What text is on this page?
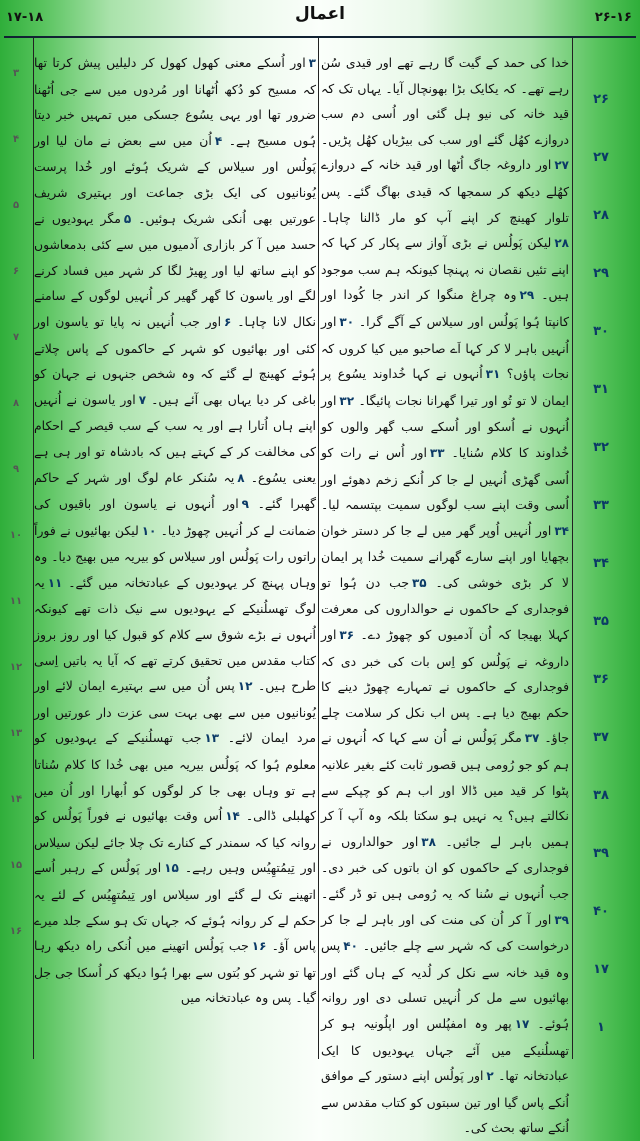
۱۷-۱۸	اعمال	۲۶-۱۶
۲۶
۲۷
۲۸
۲۹
۳۰
۳۱
۳۲
۳۳
۳۴
۳۵
۳۶
۳۷
۳۸
۳۹
۴۰
۱۷
۱
۳
۴
۵
۶
۷
۸
۹
۱۰
۱۱
۱۲
۱۳
۱۴
۱۵
۱۶

خدا کی حمد کے گیت گا رہے تھے اور قیدی سُن رہے تھے۔ کہ یکایک بڑا بھونچال آیا۔ یہاں تک کہ قید خانہ کی نیو ہل گئی اور اُسی دم سب دروازے کھُل گئے اور سب کی بیڑیاں کھُل پڑیں۔ ۲۷اور داروغہ جاگ اُٹھا اور قید خانہ کے دروازے کھُلے دیکھ کر سمجھا کہ قیدی بھاگ گئے۔ پس تلوار کھینچ کر اپنے آپ کو مار ڈالنا چاہا۔ ۲۸لیکن پَولُس نے بڑی آواز سے پکار کر کہا کہ اپنے تئیں نقصان نہ پہنچا کیونکہ ہم سب موجود ہیں۔ ۲۹وہ چراغ منگوا کر اندر جا کُودا اور کانپتا ہُوا پَولُس اور سیلاس کے آگے گرا۔ ۳۰اور اُنہیں باہر لا کر کہا اَے صاحبو میں کیا کروں کہ نجات پاؤں؟ ۳۱اُنہوں نے کہا خُداوند یسُوع پر ایمان لا تو تُو اور تیرا گھرانا نجات پائیگا۔ ۳۲اور اُنہوں نے اُسکو اور اُسکے سب گھر والوں کو خُداوند کا کلام سُنایا۔ ۳۳اور اُس نے رات کو اُسی گھڑی اُنہیں لے جا کر اُنکے زخم دھوئے اور اُسی وقت اپنے سب لوگوں سمیت بپتسمہ لیا۔ ۳۴اور اُنہیں اُوپر گھر میں لے جا کر دستر خوان بچھایا اور اپنے سارے گھرانے سمیت خُدا پر ایمان لا کر بڑی خوشی کی۔ ۳۵جب دن ہُوا تو فوجداری کے حاکموں نے حوالداروں کی معرفت کہلا بھیجا کہ اُن آدمیوں کو چھوڑ دے۔ ۳۶اور داروغہ نے پَولُس کو اِس بات کی خبر دی کہ فوجداری کے حاکموں نے تمہارے چھوڑ دینے کا حکم بھیج دیا ہے۔ پس اب نکل کر سلامت چلے جاؤ۔ ۳۷مگر پَولُس نے اُن سے کہا کہ اُنہوں نے ہم کو جو رُومی ہیں قصور ثابت کئے بغیر علانیہ پٹوا کر قید میں ڈالا اور اب ہم کو چپکے سے نکالتے ہیں؟ یہ نہیں ہو سکتا بلکہ وہ آپ آ کر ہمیں باہر لے جائیں۔ ۳۸اور حوالداروں نے فوجداری کے حاکموں کو ان باتوں کی خبر دی۔ جب اُنہوں نے سُنا کہ یہ رُومی ہیں تو ڈر گئے۔ ۳۹اور آ کر اُن کی منت کی اور باہر لے جا کر درخواست کی کہ شہر سے چلے جائیں۔ ۴۰پس وہ قید خانہ سے نکل کر لُدیہ کے ہاں گئے اور بھائیوں سے مل کر اُنہیں تسلی دی اور روانہ ہُوئے۔ ۱۷پھر وہ امفپُلس اور اپلُونیہ ہو کر تھسلُنیکے میں آئے جہاں یہودیوں کا ایک عبادتخانہ تھا۔ ۲اور پَولُس اپنے دستور کے موافق اُنکے پاس گیا اور تین سبتوں کو کتاب مقدس سے اُنکے ساتھ بحث کی۔

۳اور اُسکے معنی کھول کھول کر دلیلیں پیش کرتا تھا کہ مسیح کو دُکھ اُٹھانا اور مُردوں میں سے جی اُٹھنا ضرور تھا اور یہی یسُوع جسکی میں تمہیں خبر دیتا ہُوں مسیح ہے۔ ۴اُن میں سے بعض نے مان لیا اور پَولُس اور سیلاس کے شریک ہُوئے اور خُدا پرست یُونانیوں کی ایک بڑی جماعت اور بہتیری شریف عورتیں بھی اُنکی شریک ہوئیں۔ ۵مگر یہودیوں نے حسد میں آ کر بازاری آدمیوں میں سے کئی بدمعاشوں کو اپنے ساتھ لیا اور بِھیڑ لگا کر شہر میں فساد کرنے لگے اور یاسون کا گھر گھیر کر اُنہیں لوگوں کے سامنے نکال لانا چاہا۔ ۶اور جب اُنہیں نہ پایا تو یاسون اور کئی اور بھائیوں کو شہر کے حاکموں کے پاس چلاتے ہُوئے کھینچ لے گئے کہ وہ شخص جنہوں نے جہان کو باغی کر دیا یہاں بھی آئے ہیں۔ ۷اور یاسون نے اُنہیں اپنے ہاں اُتارا ہے اور یہ سب کے سب قیصر کے احکام کی مخالفت کر کے کہتے ہیں کہ بادشاہ تو اور ہی ہے یعنی یسُوع۔ ۸یہ سُنکر عام لوگ اور شہر کے حاکم گھبرا گئے۔ ۹اور اُنہوں نے یاسون اور باقیوں کی ضمانت لے کر اُنہیں چھوڑ دیا۔ ۱۰لیکن بھائیوں نے فوراً راتوں رات پَولُس اور سیلاس کو بیریہ میں بھیج دیا۔ وہ وہاں پہنچ کر یہودیوں کے عبادتخانہ میں گئے۔ ۱۱یہ لوگ تھسلُنیکے کے یہودیوں سے نیک ذات تھے کیونکہ اُنہوں نے بڑے شوق سے کلام کو قبول کیا اور روز بروز کتاب مقدس میں تحقیق کرتے تھے کہ آیا یہ باتیں اِسی طرح ہیں۔ ۱۲پس اُن میں سے بہتیرے ایمان لائے اور یُونانیوں میں سے بھی بہت سی عزت دار عورتیں اور مرد ایمان لائے۔ ۱۳جب تھسلُنیکے کے یہودیوں کو معلوم ہُوا کہ پَولُس بیریہ میں بھی خُدا کا کلام سُناتا ہے تو وہاں بھی جا کر لوگوں کو اُبھارا اور اُن میں کھلبلی ڈالی۔ ۱۴اُس وقت بھائیوں نے فوراً پَولُس کو روانہ کیا کہ سمندر کے کنارے تک چلا جائے لیکن سیلاس اور تِیمُتھِیُس وہیں رہے۔ ۱۵اور پَولُس کے رہبر اُسے اتھینے تک لے گئے اور سیلاس اور تِیمُتھِیُس کے لئے یہ حکم لے کر روانہ ہُوئے کہ جہاں تک ہو سکے جلد میرے پاس آؤ۔ ۱۶جب پَولُس اتھینے میں اُنکی راہ دیکھ رہا تھا تو شہر کو بُتوں سے بھرا ہُوا دیکھ کر اُسکا جی جل گیا۔ پس وہ عبادتخانہ میں
